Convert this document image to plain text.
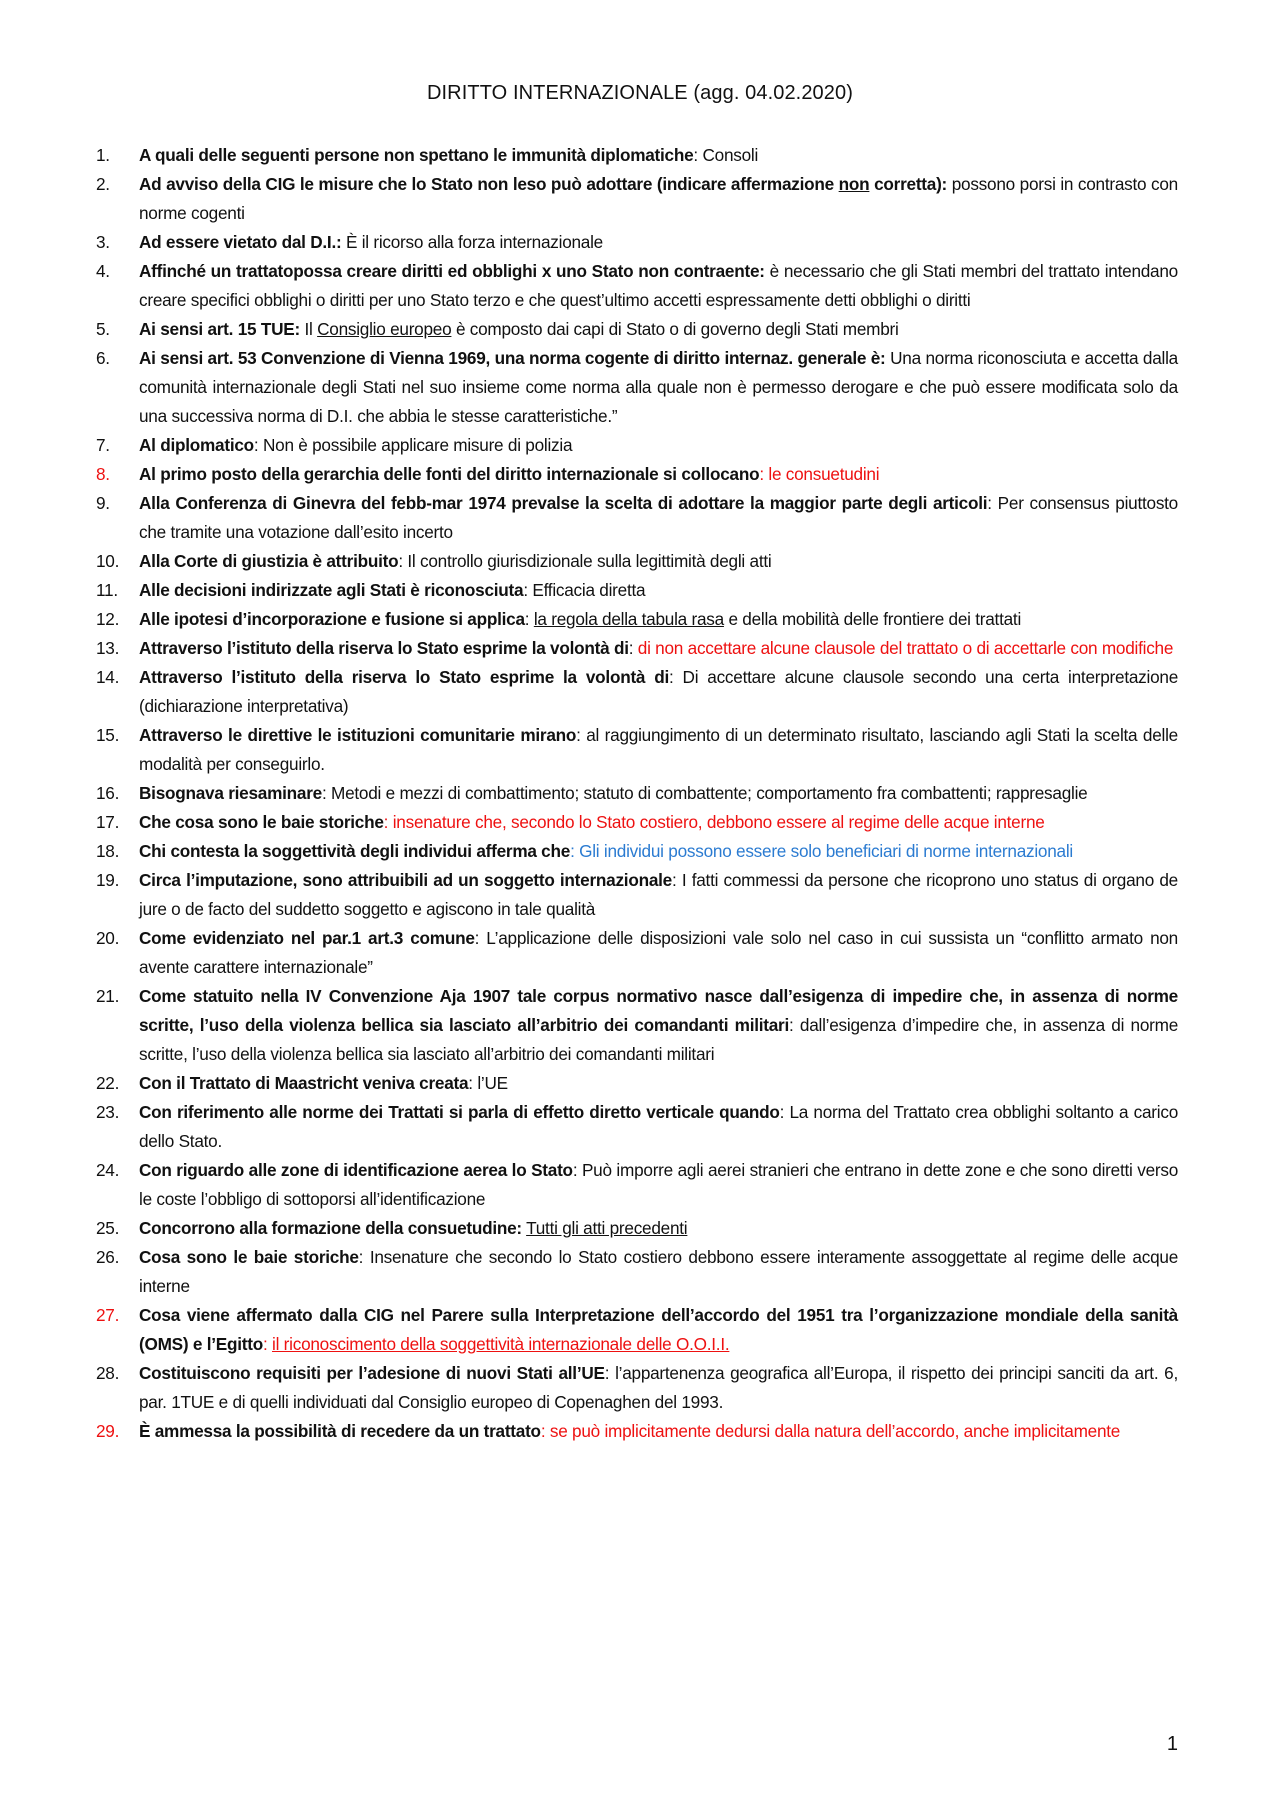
DIRITTO INTERNAZIONALE (agg. 04.02.2020)
1. A quali delle seguenti persone non spettano le immunità diplomatiche: Consoli
2. Ad avviso della CIG le misure che lo Stato non leso può adottare (indicare affermazione non corretta): possono porsi in contrasto con norme cogenti
3. Ad essere vietato dal D.I.: È il ricorso alla forza internazionale
4. Affinché un trattatopossa creare diritti ed obblighi x uno Stato non contraente: è necessario che gli Stati membri del trattato intendano creare specifici obblighi o diritti per uno Stato terzo e che quest’ultimo accetti espressamente detti obblighi o diritti
5. Ai sensi art. 15 TUE: Il Consiglio europeo è composto dai capi di Stato o di governo degli Stati membri
6. Ai sensi art. 53 Convenzione di Vienna 1969, una norma cogente di diritto internaz. generale è: Una norma riconosciuta e accetta dalla comunità internazionale degli Stati nel suo insieme come norma alla quale non è permesso derogare e che può essere modificata solo da una successiva norma di D.I. che abbia le stesse caratteristiche.”
7. Al diplomatico: Non è possibile applicare misure di polizia
8. Al primo posto della gerarchia delle fonti del diritto internazionale si collocano: le consuetudini
9. Alla Conferenza di Ginevra del febb-mar 1974 prevalse la scelta di adottare la maggior parte degli articoli: Per consensus piuttosto che tramite una votazione dall’esito incerto
10. Alla Corte di giustizia è attribuito: Il controllo giurisdizionale sulla legittimità degli atti
11. Alle decisioni indirizzate agli Stati è riconosciuta: Efficacia diretta
12. Alle ipotesi d’incorporazione e fusione si applica: la regola della tabula rasa e della mobilità delle frontiere dei trattati
13. Attraverso l’istituto della riserva lo Stato esprime la volontà di: di non accettare alcune clausole del trattato o di accettarle con modifiche
14. Attraverso l’istituto della riserva lo Stato esprime la volontà di: Di accettare alcune clausole secondo una certa interpretazione (dichiarazione interpretativa)
15. Attraverso le direttive le istituzioni comunitarie mirano: al raggiungimento di un determinato risultato, lasciando agli Stati la scelta delle modalità per conseguirlo.
16. Bisognava riesaminare: Metodi e mezzi di combattimento; statuto di combattente; comportamento fra combattenti; rappresaglie
17. Che cosa sono le baie storiche: insenature che, secondo lo Stato costiero, debbono essere al regime delle acque interne
18. Chi contesta la soggettività degli individui afferma che: Gli individui possono essere solo beneficiari di norme internazionali
19. Circa l’imputazione, sono attribuibili ad un soggetto internazionale: I fatti commessi da persone che ricoprono uno status di organo de jure o de facto del suddetto soggetto e agiscono in tale qualità
20. Come evidenziato nel par.1 art.3 comune: L’applicazione delle disposizioni vale solo nel caso in cui sussista un “conflitto armato non avente carattere internazionale”
21. Come statuito nella IV Convenzione Aja 1907 tale corpus normativo nasce dall’esigenza di impedire che, in assenza di norme scritte, l’uso della violenza bellica sia lasciato all’arbitrio dei comandanti militari: dall’esigenza d’impedire che, in assenza di norme scritte, l’uso della violenza bellica sia lasciato all’arbitrio dei comandanti militari
22. Con il Trattato di Maastricht veniva creata: l’UE
23. Con riferimento alle norme dei Trattati si parla di effetto diretto verticale quando: La norma del Trattato crea obblighi soltanto a carico dello Stato.
24. Con riguardo alle zone di identificazione aerea lo Stato: Può imporre agli aerei stranieri che entrano in dette zone e che sono diretti verso le coste l’obbligo di sottoporsi all’identificazione
25. Concorrono alla formazione della consuetudine: Tutti gli atti precedenti
26. Cosa sono le baie storiche: Insenature che secondo lo Stato costiero debbono essere interamente assoggettate al regime delle acque interne
27. Cosa viene affermato dalla CIG nel Parere sulla Interpretazione dell’accordo del 1951 tra l’organizzazione mondiale della sanità (OMS) e l’Egitto: il riconoscimento della soggettività internazionale delle O.O.I.I.
28. Costituiscono requisiti per l’adesione di nuovi Stati all’UE: l’appartenenza geografica all’Europa, il rispetto dei principi sanciti da art. 6, par. 1TUE e di quelli individuati dal Consiglio europeo di Copenaghen del 1993.
29. È ammessa la possibilità di recedere da un trattato: se può implicitamente dedursi dalla natura dell’accordo, anche implicitamente
1
